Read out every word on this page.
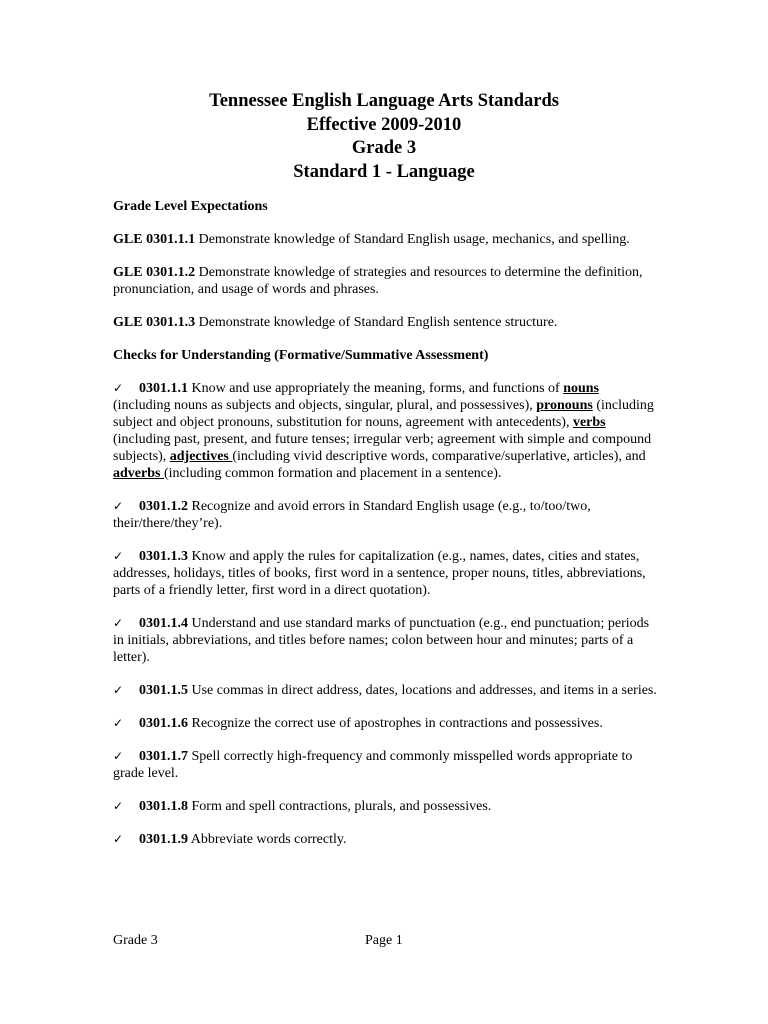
Tennessee English Language Arts Standards
Effective 2009-2010
Grade 3
Standard 1 - Language

Grade Level Expectations

GLE 0301.1.1 Demonstrate knowledge of Standard English usage, mechanics, and spelling.

GLE 0301.1.2 Demonstrate knowledge of strategies and resources to determine the definition, pronunciation, and usage of words and phrases.

GLE 0301.1.3 Demonstrate knowledge of Standard English sentence structure.

Checks for Understanding (Formative/Summative Assessment)

✓ 0301.1.1 Know and use appropriately the meaning, forms, and functions of nouns (including nouns as subjects and objects, singular, plural, and possessives), pronouns (including subject and object pronouns, substitution for nouns, agreement with antecedents), verbs (including past, present, and future tenses; irregular verb; agreement with simple and compound subjects), adjectives (including vivid descriptive words, comparative/superlative, articles), and adverbs (including common formation and placement in a sentence).

✓ 0301.1.2 Recognize and avoid errors in Standard English usage (e.g., to/too/two, their/there/they’re).

✓ 0301.1.3 Know and apply the rules for capitalization (e.g., names, dates, cities and states, addresses, holidays, titles of books, first word in a sentence, proper nouns, titles, abbreviations, parts of a friendly letter, first word in a direct quotation).

✓ 0301.1.4 Understand and use standard marks of punctuation (e.g., end punctuation; periods in initials, abbreviations, and titles before names; colon between hour and minutes; parts of a letter).

✓ 0301.1.5 Use commas in direct address, dates, locations and addresses, and items in a series.

✓ 0301.1.6 Recognize the correct use of apostrophes in contractions and possessives.

✓ 0301.1.7 Spell correctly high-frequency and commonly misspelled words appropriate to grade level.

✓ 0301.1.8 Form and spell contractions, plurals, and possessives.

✓ 0301.1.9 Abbreviate words correctly.

Grade 3	Page 1
